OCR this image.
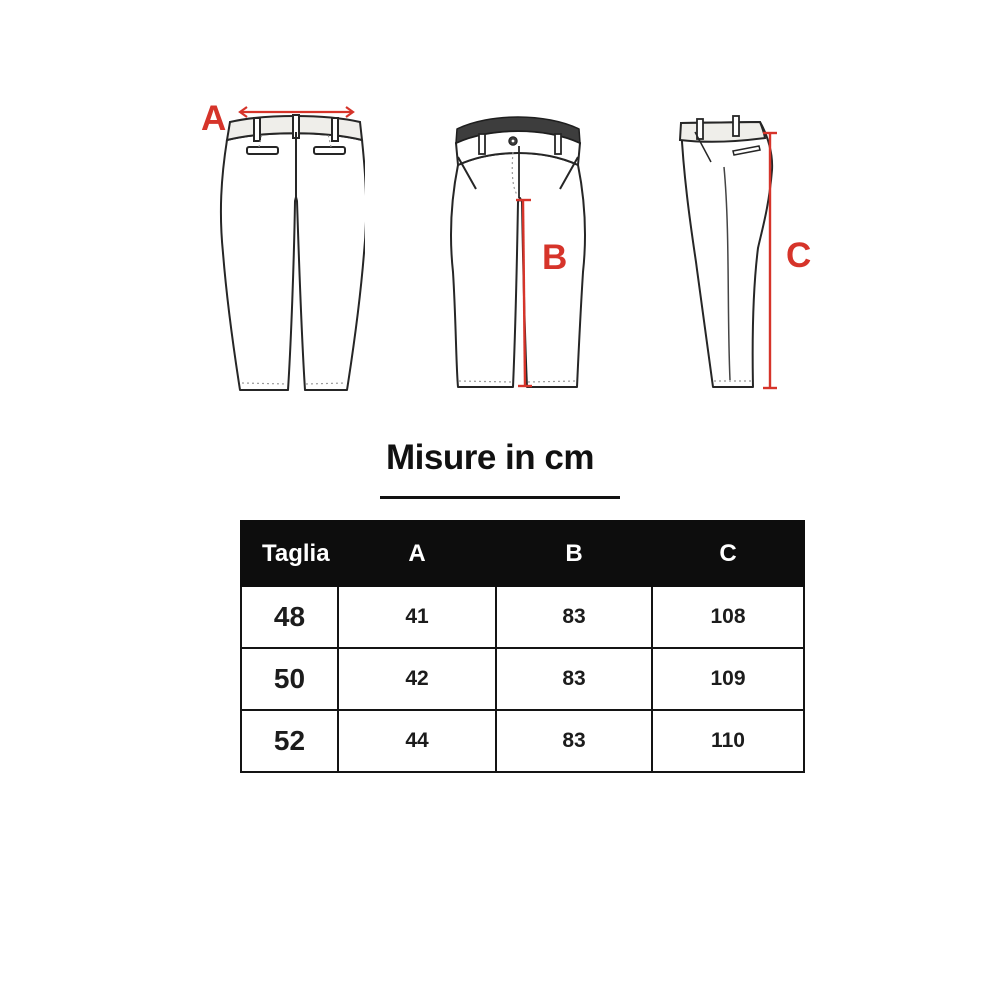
A
B	C
Misure in cm
Taglia	A	B	C
48	41	83	108
50	42	83	109
52	44	83	110
